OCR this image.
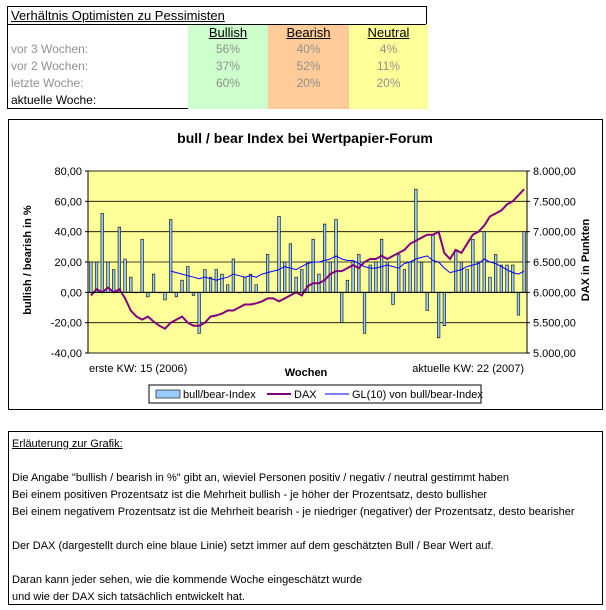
Verhältnis Optimisten zu Pessimisten
Bullish	Bearish	Neutral
vor 3 Wochen:	56%	40%	4%
vor 2 Wochen:	37%	52%	11%
letzte Woche:	60%	20%	20%
aktuelle Woche:
bull / bear Index bei Wertpapier-Forum
80,00
60,00
40,00
20,00
0,00
-20,00
-40,00
8.000,00
7.500,00
7.000,00
6.500,00
6.000,00
5.500,00
5.000,00
Wochen
erste KW: 15 (2006)	aktuelle KW: 22 (2007)
bullish / bearish in %	DAX in Punkten
bull/bear-Index	DAX	GL(10) von bull/bear-Index
Erläuterung zur Grafik:

Die Angabe "bullish / bearish in %" gibt an, wieviel Personen positiv / negativ / neutral gestimmt haben
Bei einem positiven Prozentsatz ist die Mehrheit bullish - je höher der Prozentsatz, desto bullisher
Bei einem negativem Prozentsatz ist die Mehrheit bearish - je niedriger (negativer) der Prozentsatz, desto bearisher

Der DAX (dargestellt durch eine blaue Linie) setzt immer auf dem geschätzten Bull / Bear Wert auf.

Daran kann jeder sehen, wie die kommende Woche eingeschätzt wurde
und wie der DAX sich tatsächlich entwickelt hat.
